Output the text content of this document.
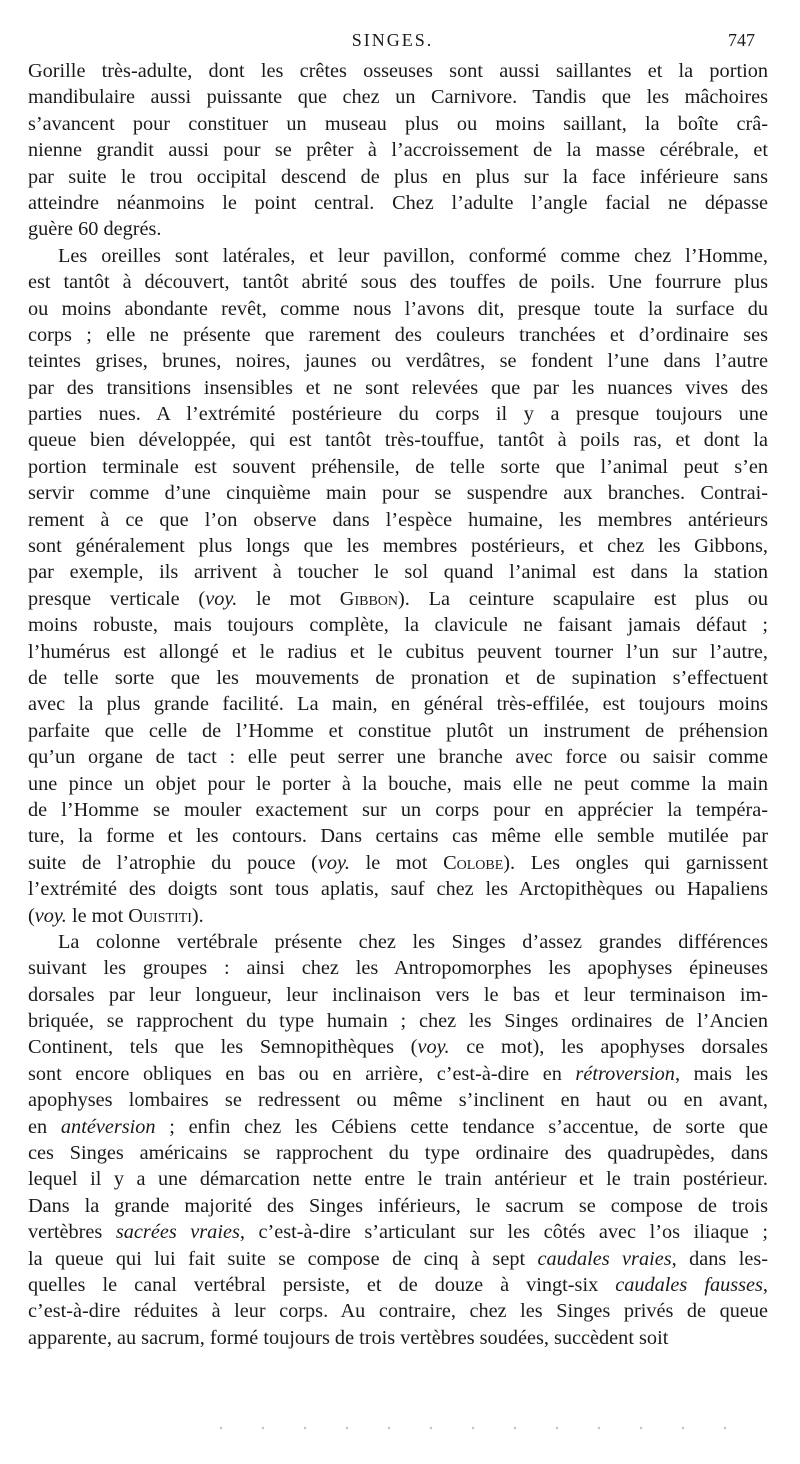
SINGES.	747
Gorille très-adulte, dont les crêtes osseuses sont aussi saillantes et la portion
mandibulaire aussi puissante que chez un Carnivore. Tandis que les mâchoires
s’avancent pour constituer un museau plus ou moins saillant, la boîte crâ-
nienne grandit aussi pour se prêter à l’accroissement de la masse cérébrale, et
par suite le trou occipital descend de plus en plus sur la face inférieure sans
atteindre néanmoins le point central. Chez l’adulte l’angle facial ne dépasse
guère 60 degrés.
Les oreilles sont latérales, et leur pavillon, conformé comme chez l’Homme,
est tantôt à découvert, tantôt abrité sous des touffes de poils. Une fourrure plus
ou moins abondante revêt, comme nous l’avons dit, presque toute la surface du
corps ; elle ne présente que rarement des couleurs tranchées et d’ordinaire ses
teintes grises, brunes, noires, jaunes ou verdâtres, se fondent l’une dans l’autre
par des transitions insensibles et ne sont relevées que par les nuances vives des
parties nues. A l’extrémité postérieure du corps il y a presque toujours une
queue bien développée, qui est tantôt très-touffue, tantôt à poils ras, et dont la
portion terminale est souvent préhensile, de telle sorte que l’animal peut s’en
servir comme d’une cinquième main pour se suspendre aux branches. Contrai-
rement à ce que l’on observe dans l’espèce humaine, les membres antérieurs
sont généralement plus longs que les membres postérieurs, et chez les Gibbons,
par exemple, ils arrivent à toucher le sol quand l’animal est dans la station
presque verticale (voy. le mot Gibbon). La ceinture scapulaire est plus ou
moins robuste, mais toujours complète, la clavicule ne faisant jamais défaut ;
l’humérus est allongé et le radius et le cubitus peuvent tourner l’un sur l’autre,
de telle sorte que les mouvements de pronation et de supination s’effectuent
avec la plus grande facilité. La main, en général très-effilée, est toujours moins
parfaite que celle de l’Homme et constitue plutôt un instrument de préhension
qu’un organe de tact : elle peut serrer une branche avec force ou saisir comme
une pince un objet pour le porter à la bouche, mais elle ne peut comme la main
de l’Homme se mouler exactement sur un corps pour en apprécier la tempéra-
ture, la forme et les contours. Dans certains cas même elle semble mutilée par
suite de l’atrophie du pouce (voy. le mot Colobe). Les ongles qui garnissent
l’extrémité des doigts sont tous aplatis, sauf chez les Arctopithèques ou Hapaliens
(voy. le mot Ouistiti).
La colonne vertébrale présente chez les Singes d’assez grandes différences
suivant les groupes : ainsi chez les Antropomorphes les apophyses épineuses
dorsales par leur longueur, leur inclinaison vers le bas et leur terminaison im-
briquée, se rapprochent du type humain ; chez les Singes ordinaires de l’Ancien
Continent, tels que les Semnopithèques (voy. ce mot), les apophyses dorsales
sont encore obliques en bas ou en arrière, c’est-à-dire en rétroversion, mais les
apophyses lombaires se redressent ou même s’inclinent en haut ou en avant,
en antéversion ; enfin chez les Cébiens cette tendance s’accentue, de sorte que
ces Singes américains se rapprochent du type ordinaire des quadrupèdes, dans
lequel il y a une démarcation nette entre le train antérieur et le train postérieur.
Dans la grande majorité des Singes inférieurs, le sacrum se compose de trois
vertèbres sacrées vraies, c’est-à-dire s’articulant sur les côtés avec l’os iliaque ;
la queue qui lui fait suite se compose de cinq à sept caudales vraies, dans les-
quelles le canal vertébral persiste, et de douze à vingt-six caudales fausses,
c’est-à-dire réduites à leur corps. Au contraire, chez les Singes privés de queue
apparente, au sacrum, formé toujours de trois vertèbres soudées, succèdent soit
